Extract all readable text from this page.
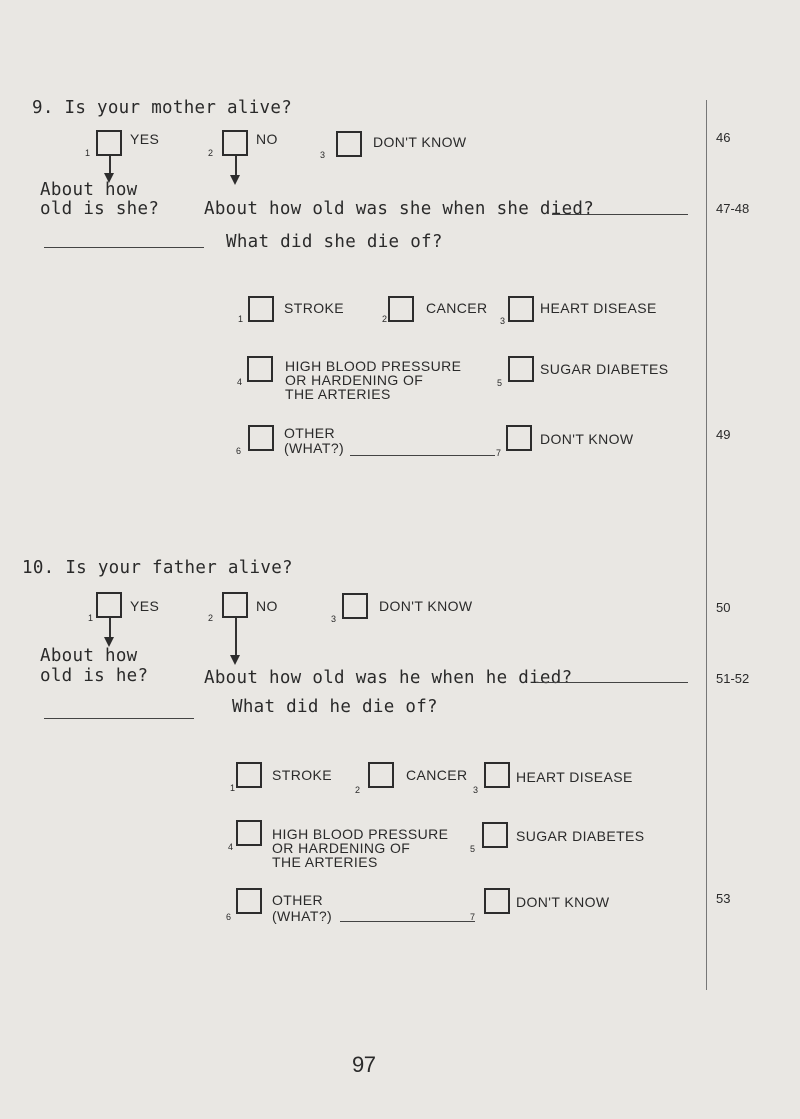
9. Is your mother alive?
YES
1
NO
2
DON'T KNOW
3
About how
old is she?	About how old was she when she died?
What did she die of?
STROKE
1
CANCER
2
HEART DISEASE
3
HIGH BLOOD PRESSURE
OR HARDENING OF
THE ARTERIES
4
SUGAR DIABETES
5
OTHER
(WHAT?)
6
DON'T KNOW
7
46
47-48
49
10. Is your father alive?
YES
1
NO
2
DON'T KNOW
3
About how
old is he?	About how old was he when he died?
What did he die of?
STROKE
1
CANCER
2
HEART DISEASE
3
HIGH BLOOD PRESSURE
OR HARDENING OF
THE ARTERIES
4
SUGAR DIABETES
5
OTHER
(WHAT?)
6
DON'T KNOW
7
50
51-52
53
97
